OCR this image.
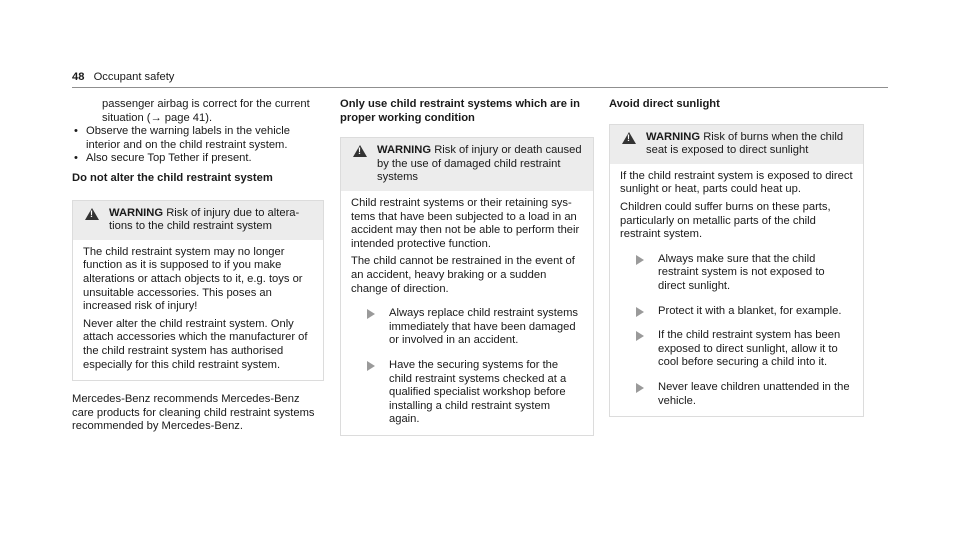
48 Occupant safety

passenger airbag is correct for the current situation (→ page 41).

• Observe the warning labels in the vehicle interior and on the child restraint system.
• Also secure Top Tether if present.

Do not alter the child restraint system

!
WARNING Risk of injury due to alterations to the child restraint system

The child restraint system may no longer function as it is supposed to if you make alterations or attach objects to it, e.g. toys or unsuitable accessories. This poses an increased risk of injury!

Never alter the child restraint system. Only attach accessories which the manufacturer of the child restraint system has authorised especially for this child restraint system.

Mercedes-Benz recommends Mercedes-Benz care products for cleaning child restraint systems recommended by Mercedes-Benz.

Only use child restraint systems which are in proper working condition

!
WARNING Risk of injury or death caused by the use of damaged child restraint systems

Child restraint systems or their retaining systems that have been subjected to a load in an accident may then not be able to perform their intended protective function.

The child cannot be restrained in the event of an accident, heavy braking or a sudden change of direction.

Always replace child restraint systems immediately that have been damaged or involved in an accident.
Have the securing systems for the child restraint systems checked at a qualified specialist workshop before installing a child restraint system again.

Avoid direct sunlight

!
WARNING Risk of burns when the child seat is exposed to direct sunlight

If the child restraint system is exposed to direct sunlight or heat, parts could heat up.

Children could suffer burns on these parts, particularly on metallic parts of the child restraint system.

Always make sure that the child restraint system is not exposed to direct sunlight.
Protect it with a blanket, for example.
If the child restraint system has been exposed to direct sunlight, allow it to cool before securing a child into it.
Never leave children unattended in the vehicle.
